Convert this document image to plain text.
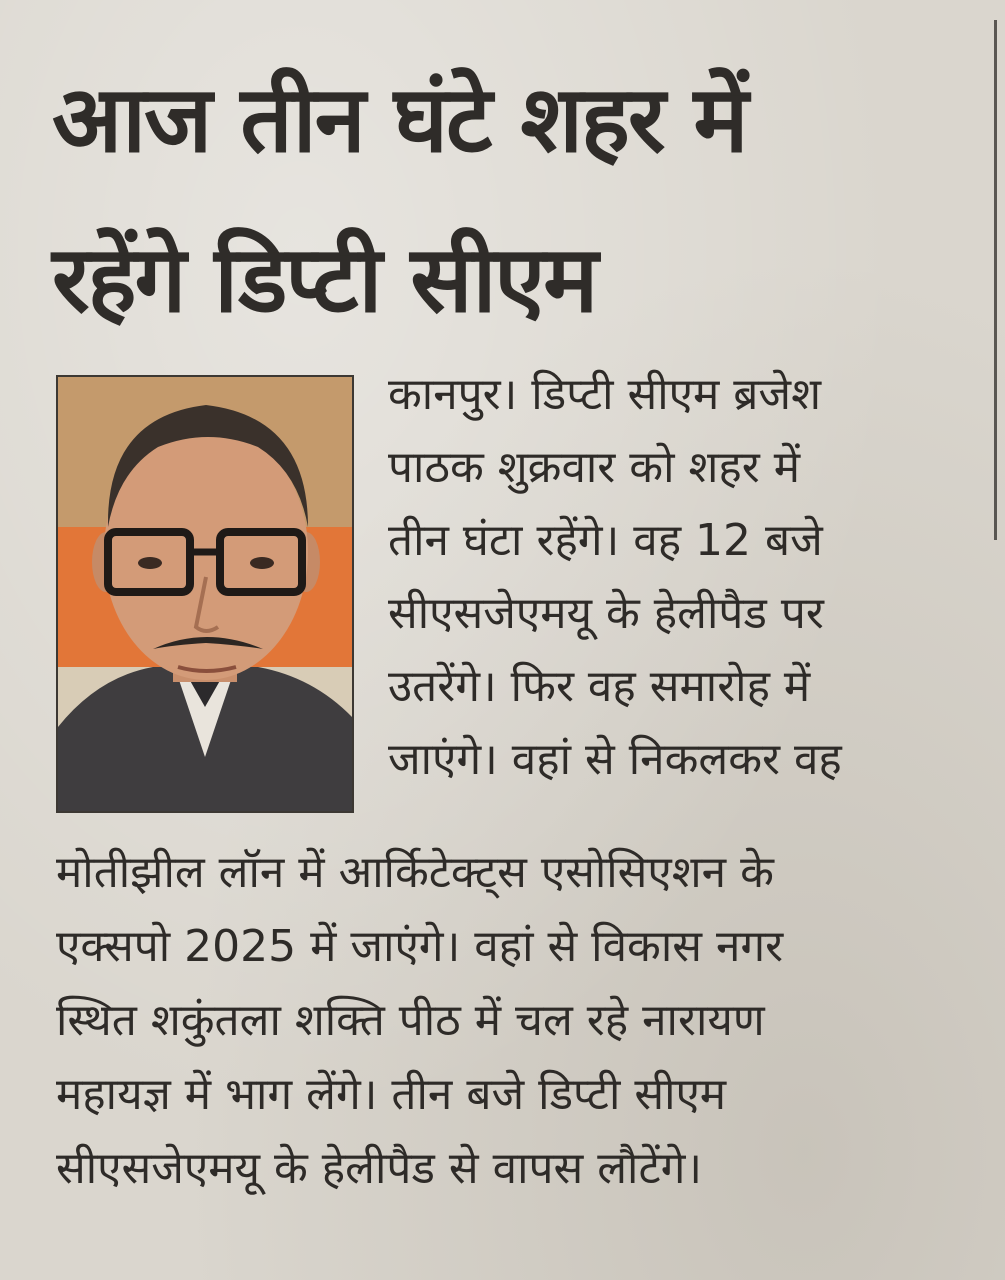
आज तीन घंटे शहर में
रहेंगे डिप्टी सीएम

कानपुर। डिप्टी सीएम ब्रजेश
पाठक शुक्रवार को शहर में
तीन घंटा रहेंगे। वह 12 बजे
सीएसजेएमयू के हेलीपैड पर
उतरेंगे। फिर वह समारोह में
जाएंगे। वहां से निकलकर वह

मोतीझील लॉन में आर्किटेक्ट्स एसोसिएशन के
एक्सपो 2025 में जाएंगे। वहां से विकास नगर
स्थित शकुंतला शक्ति पीठ में चल रहे नारायण
महायज्ञ में भाग लेंगे। तीन बजे डिप्टी सीएम
सीएसजेएमयू के हेलीपैड से वापस लौटेंगे।
